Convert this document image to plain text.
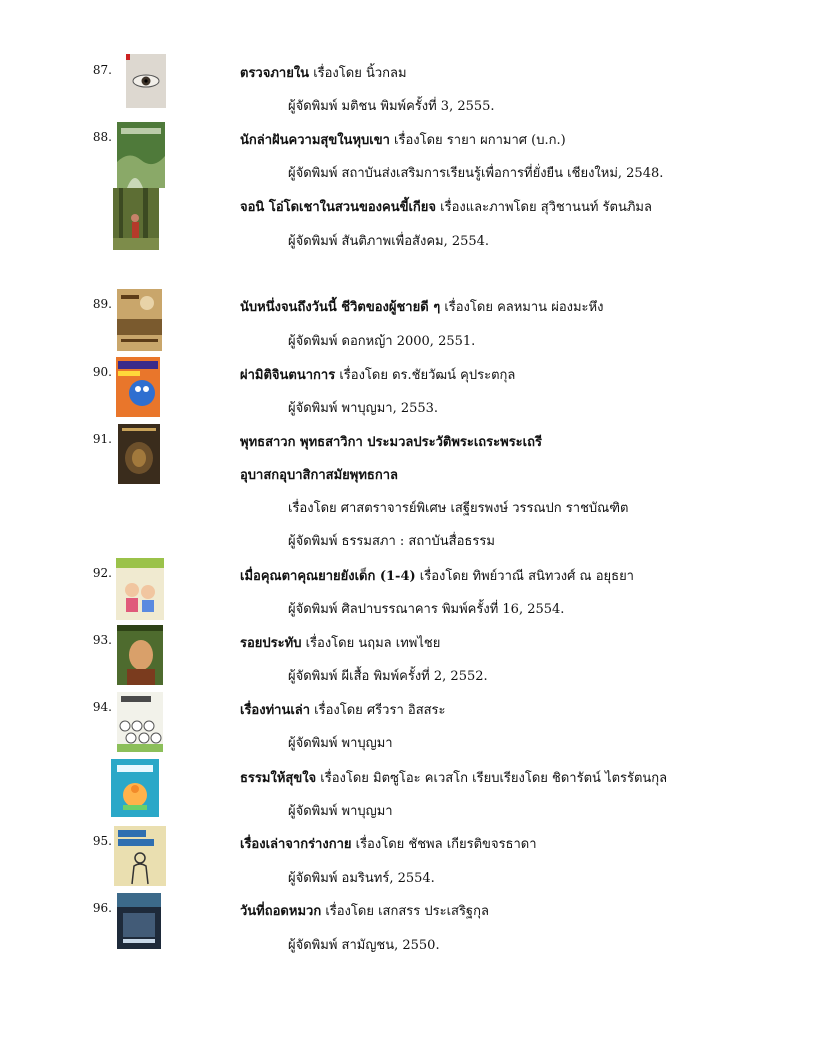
87.	ตรวจภายใน เรื่องโดย นิ้วกลม
ผู้จัดพิมพ์ มติชน พิมพ์ครั้งที่ 3, 2555.
88.	นักล่าฝันความสุขในหุบเขา เรื่องโดย รายา ผกามาศ (บ.ก.)
ผู้จัดพิมพ์ สถาบันส่งเสริมการเรียนรู้เพื่อการที่ยั่งยืน เชียงใหม่, 2548.
จอนิ โอ่โดเชาในสวนของคนขี้เกียจ เรื่องและภาพโดย สุวิชานนท์ รัตนภิมล
ผู้จัดพิมพ์ สันติภาพเพื่อสังคม, 2554.
89.	นับหนึ่งจนถึงวันนี้ ชีวิตของผู้ชายดี ๆ เรื่องโดย คลหมาน ผ่องมะหึง
ผู้จัดพิมพ์ ดอกหญ้า 2000, 2551.
90.	ผ่ามิติจินตนาการ เรื่องโดย ดร.ชัยวัฒน์ คุประตกุล
ผู้จัดพิมพ์ พาบุญมา, 2553.
91.	พุทธสาวก พุทธสาวิกา ประมวลประวัติพระเถระพระเถรี
อุบาสกอุบาสิกาสมัยพุทธกาล
เรื่องโดย ศาสตราจารย์พิเศษ เสฐียรพงษ์ วรรณปก ราชบัณฑิต
ผู้จัดพิมพ์ ธรรมสภา : สถาบันสื่อธรรม
92.	เมื่อคุณตาคุณยายยังเด็ก (1-4) เรื่องโดย ทิพย์วาณี สนิทวงศ์ ณ อยุธยา
ผู้จัดพิมพ์ ศิลปาบรรณาคาร พิมพ์ครั้งที่ 16, 2554.
93.	รอยประทับ เรื่องโดย นฤมล เทพไชย
ผู้จัดพิมพ์ ผีเสื้อ พิมพ์ครั้งที่ 2, 2552.
94.	เรื่องท่านเล่า เรื่องโดย ศรีวรา อิสสระ
ผู้จัดพิมพ์ พาบุญมา
ธรรมให้สุขใจ เรื่องโดย มิตซูโอะ คเวสโก เรียบเรียงโดย ชิดารัตน์ ไตรรัตนกุล
ผู้จัดพิมพ์ พาบุญมา
95.	เรื่องเล่าจากร่างกาย เรื่องโดย ชัชพล เกียรติขจรธาดา
ผู้จัดพิมพ์ อมรินทร์, 2554.
96.	วันที่ถอดหมวก เรื่องโดย เสกสรร ประเสริฐกุล
ผู้จัดพิมพ์ สามัญชน, 2550.
